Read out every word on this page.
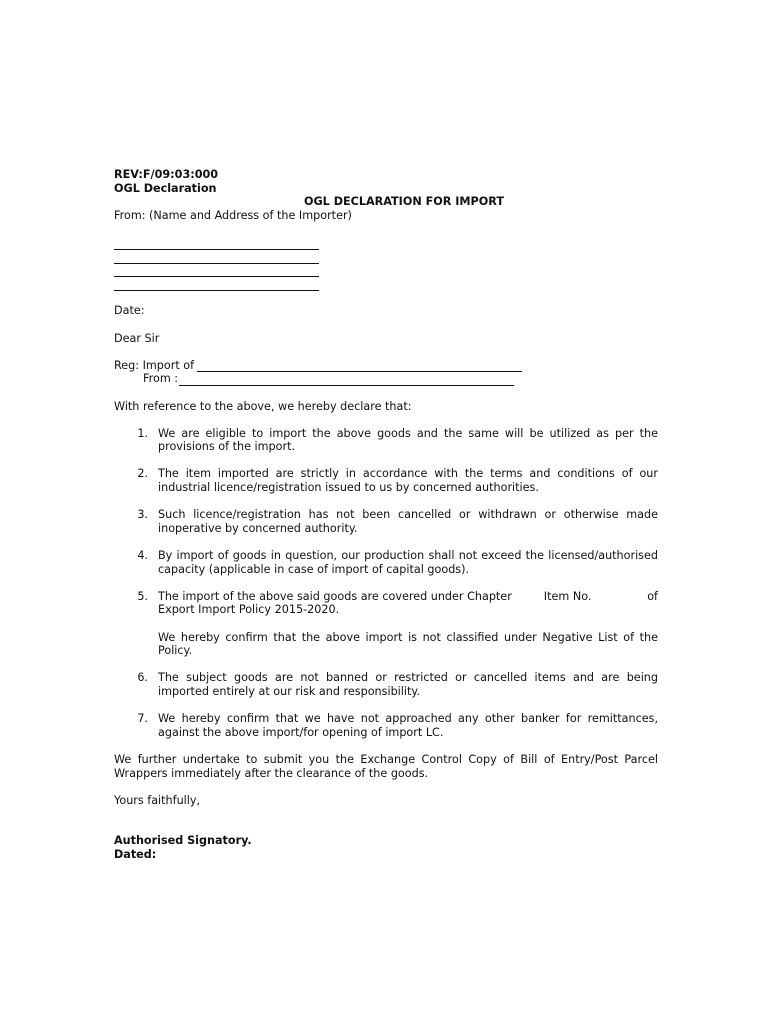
REV:F/09:03:000
OGL Declaration
OGL DECLARATION FOR IMPORT
From: (Name and Address of the Importer)
Date:
Dear Sir
Reg: Import of
From :
With reference to the above, we hereby declare that:
1. We are eligible to import the above goods and the same will be utilized as per the provisions of the import.
2. The item imported are strictly in accordance with the terms and conditions of our industrial licence/registration issued to us by concerned authorities.
3. Such licence/registration has not been cancelled or withdrawn or otherwise made inoperative by concerned authority.
4. By import of goods in question, our production shall not exceed the licensed/authorised capacity (applicable in case of import of capital goods).
5. The import of the above said goods are covered under Chapter	Item No.	of
Export Import Policy 2015-2020.
We hereby confirm that the above import is not classified under Negative List of the Policy.
6. The subject goods are not banned or restricted or cancelled items and are being imported entirely at our risk and responsibility.
7. We hereby confirm that we have not approached any other banker for remittances, against the above import/for opening of import LC.
We further undertake to submit you the Exchange Control Copy of Bill of Entry/Post Parcel Wrappers immediately after the clearance of the goods.
Yours faithfully,
Authorised Signatory.
Dated:
